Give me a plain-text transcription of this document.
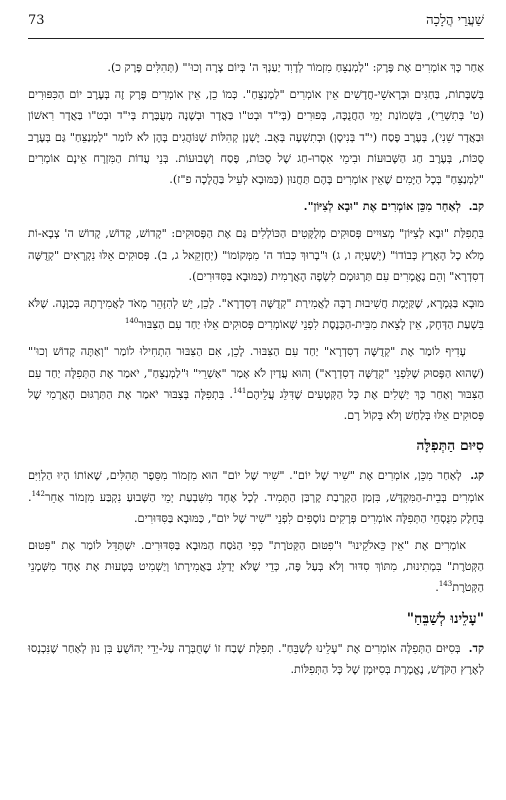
שַׁעֲרֵי הֲלָכָה
73

אַחַר כָּךְ אוֹמְרִים אֶת פֶּרֶק: "לַמְנַצֵּחַ מִזְמוֹר לְדָוִד יַעַנְךָ ה' בְּיוֹם צָרָה וְכוּ'" (תְּהִלִּים פֶּרֶק כ).

בְּשַׁבָּתוֹת, בַּחַגִּים וּבְרָאשֵׁי-חֳדָשִׁים אֵין אוֹמְרִים "לַמְנַצֵּחַ". כְּמוֹ כֵן, אֵין אוֹמְרִים פֶּרֶק זֶה בְּעֶרֶב יוֹם הַכִּפּוּרִים (ט' בְּתִשְׁרֵי), בִּשְׁמוֹנַת יְמֵי הַחֲנֻכָּה, בְּפוּרִים (בְּי"ד וּבְט"ו בַּאֲדָר וּבְשָׁנָה מְעֻבֶּרֶת בְּי"ד וּבְט"ו בַּאֲדָר רִאשׁוֹן וּבַאֲדָר שֵׁנִי), בְּעֶרֶב פֶּסַח (י"ד בְּנִיסָן) וּבְתִשְׁעָה בְּאָב. יֶשְׁנָן קְהִלּוֹת שֶׁנּוֹהֲגִים בָּהֶן לֹא לוֹמַר "לַמְנַצֵּחַ" גַּם בְּעֶרֶב סֻכּוֹת, בְּעֶרֶב חַג הַשָּׁבוּעוֹת וּבִימֵי אִסְרוּ-חַג שֶׁל סֻכּוֹת, פֶּסַח וְשָׁבוּעוֹת. בְּנֵי עֲדוֹת הַמִּזְרָח אֵינָם אוֹמְרִים "לַמְנַצֵּחַ" בְּכָל הַיָּמִים שֶׁאֵין אוֹמְרִים בָּהֶם תַּחֲנוּן (כַּמּוּבָא לְעֵיל בַּהֲלָכָה פ"ז).

קב. לְאַחַר מִכֵּן אוֹמְרִים אֶת "וּבָא לְצִיּוֹן".

בִּתְפִלַּת "וּבָא לְצִיּוֹן" מְצוּיִים פְּסוּקִים מְלֻקָּטִים הַכּוֹלְלִים גַּם אֶת הַפְּסוּקִים: "קָדוֹשׁ, קָדוֹשׁ, קָדוֹשׁ ה' צְבָא-וֹת מְלֹא כָל הָאָרֶץ כְּבוֹדוֹ" (יְשַׁעְיָה ו, ג) וּ"בָרוּךְ כְּבוֹד ה' מִמְּקוֹמוֹ" (יְחֶזְקֵאל ג, ב). פְּסוּקִים אֵלּוּ נִקְרָאִים "קְדֻשָּׁה דְסִדְרָא" וְהֵם נֶאֱמָרִים עִם תַּרְגּוּמָם לִשְׂפָה הָאֲרָמִית (כַּמּוּבָא בַּסִּדּוּרִים).

מוּבָא בַּגְּמָרָא, שֶׁקַּיֶּמֶת חֲשִׁיבוּת רַבָּה לַאֲמִירַת "קְדֻשָּׁה דְסִדְרָא". לָכֵן, יֵשׁ לְהִזָּהֵר מְאֹד לַאֲמִירָתָהּ בְּכַוָּנָה. שֶׁלֹּא בִּשְׁעַת הַדְּחָק, אֵין לָצֵאת מִבֵּית-הַכְּנֶסֶת לִפְנֵי שֶׁאוֹמְרִים פְּסוּקִים אֵלּוּ יַחַד עִם הַצִּבּוּר$^{140}$

עָדִיף לוֹמַר אֶת "קְדֻשָּׁה דְסִדְרָא" יַחַד עִם הַצִּבּוּר. לָכֵן, אִם הַצִּבּוּר הִתְחִילוּ לוֹמַר "וְאַתָּה קָדוֹשׁ וְכוּ'" (שֶׁהוּא הַפָּסוּק שֶׁלִּפְנֵי "קְדֻשָּׁה דְסִדְרָא") וְהוּא עֲדַיִן לֹא אָמַר "אַשְׁרֵי" וּ"לַמְנַצֵּחַ", יֹאמַר אֶת הַתְּפִלָּה יַחַד עִם הַצִּבּוּר וְאַחַר כָּךְ יַשְׁלִים אֶת כָּל הַקְּטָעִים שֶׁדִּלֵּג עֲלֵיהֶם$^{141}$. בִּתְפִלָּה בְּצִבּוּר יֹאמַר אֶת הַתַּרְגּוּם הָאֲרָמִי שֶׁל פְּסוּקִים אֵלּוּ בְּלַחַשׁ וְלֹא בְּקוֹל רָם.

סִיּוּם הַתְּפִלָּה

קג. לְאַחַר מִכֵּן, אוֹמְרִים אֶת "שִׁיר שֶׁל יוֹם". "שִׁיר שֶׁל יוֹם" הוּא מִזְמוֹר מִסֵּפֶר תְּהִלִּים, שֶׁאוֹתוֹ הָיוּ הַלְוִיִּם אוֹמְרִים בְּבֵית-הַמִּקְדָּשׁ, בִּזְמַן הַקְרָבַת קָרְבַּן הַתָּמִיד. לְכָל אֶחָד מִשִּׁבְעַת יְמֵי הַשָּׁבוּעַ נִקְבַּע מִזְמוֹר אַחֵר$^{142}$. בְּחֵלֶק מִנֻּסְחֵי הַתְּפִלָּה אוֹמְרִים פְּרָקִים נוֹסָפִים לִפְנֵי "שִׁיר שֶׁל יוֹם", כַּמּוּבָא בַּסִּדּוּרִים.

אוֹמְרִים אֶת "אֵין כֵּאלֹקֵינוּ" וּ"פִטּוּם הַקְּטֹרֶת" כְּפִי הַנֹּסַח הַמּוּבָא בַּסִּדּוּרִים. יִשְׁתַּדֵּל לוֹמַר אֶת "פִּטּוּם הַקְּטֹרֶת" בִּמְתִינוּת, מִתּוֹךְ סִדּוּר וְלֹא בְּעַל פֶּה, כְּדֵי שֶׁלֹּא יְדַלֵּג בַּאֲמִירָתוֹ וְיַשְׁמִיט בְּטָעוּת אֶת אֶחָד מִשְּׁמָנֵי הַקְּטֹרֶת$^{143}$.

"עָלֵינוּ לְשַׁבֵּחַ"

קד. בְּסִיּוּם הַתְּפִלָּה אוֹמְרִים אֶת "עָלֵינוּ לְשַׁבֵּחַ". תְּפִלַּת שֶׁבַח זוֹ שֶׁחֻבְּרָה עַל-יְדֵי יְהוֹשֻׁעַ בִּן נוּן לְאַחַר שֶׁנִּכְנְסוּ לְאֶרֶץ הַקֹּדֶשׁ, נֶאֱמֶרֶת בְּסִיּוּמָן שֶׁל כָּל הַתְּפִלּוֹת.
